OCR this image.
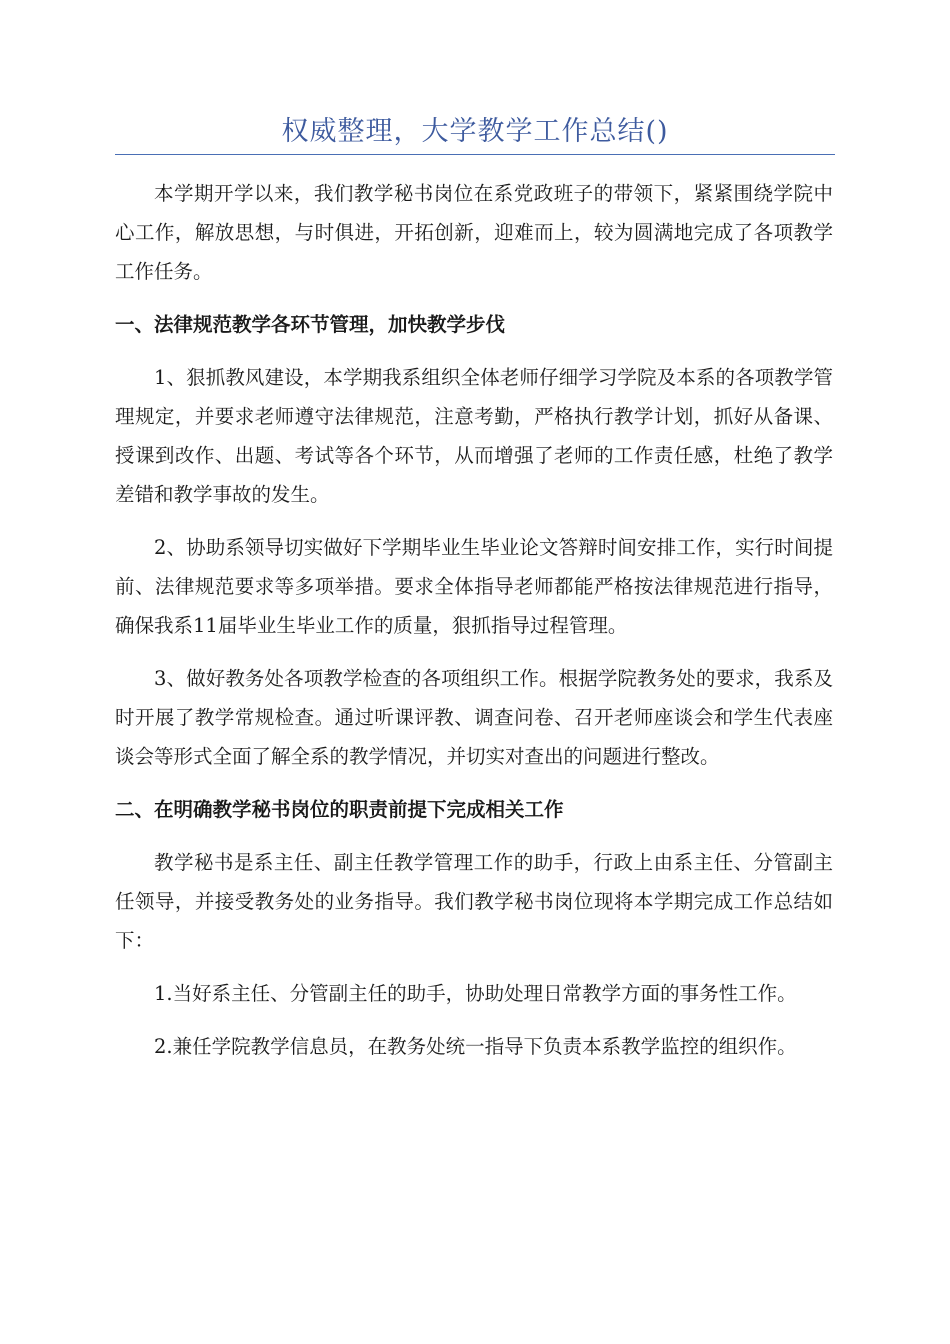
权威整理，大学教学工作总结()

本学期开学以来，我们教学秘书岗位在系党政班子的带领下，紧紧围绕学院中心工作，解放思想，与时俱进，开拓创新，迎难而上，较为圆满地完成了各项教学工作任务。

一、法律规范教学各环节管理，加快教学步伐

1、狠抓教风建设，本学期我系组织全体老师仔细学习学院及本系的各项教学管理规定，并要求老师遵守法律规范，注意考勤，严格执行教学计划，抓好从备课、授课到改作、出题、考试等各个环节，从而增强了老师的工作责任感，杜绝了教学差错和教学事故的发生。

2、协助系领导切实做好下学期毕业生毕业论文答辩时间安排工作，实行时间提前、法律规范要求等多项举措。要求全体指导老师都能严格按法律规范进行指导，确保我系11届毕业生毕业工作的质量，狠抓指导过程管理。

3、做好教务处各项教学检查的各项组织工作。根据学院教务处的要求，我系及时开展了教学常规检查。通过听课评教、调查问卷、召开老师座谈会和学生代表座谈会等形式全面了解全系的教学情况，并切实对查出的问题进行整改。

二、在明确教学秘书岗位的职责前提下完成相关工作

教学秘书是系主任、副主任教学管理工作的助手，行政上由系主任、分管副主任领导，并接受教务处的业务指导。我们教学秘书岗位现将本学期完成工作总结如下：

1.当好系主任、分管副主任的助手，协助处理日常教学方面的事务性工作。

2.兼任学院教学信息员，在教务处统一指导下负责本系教学监控的组织作。
